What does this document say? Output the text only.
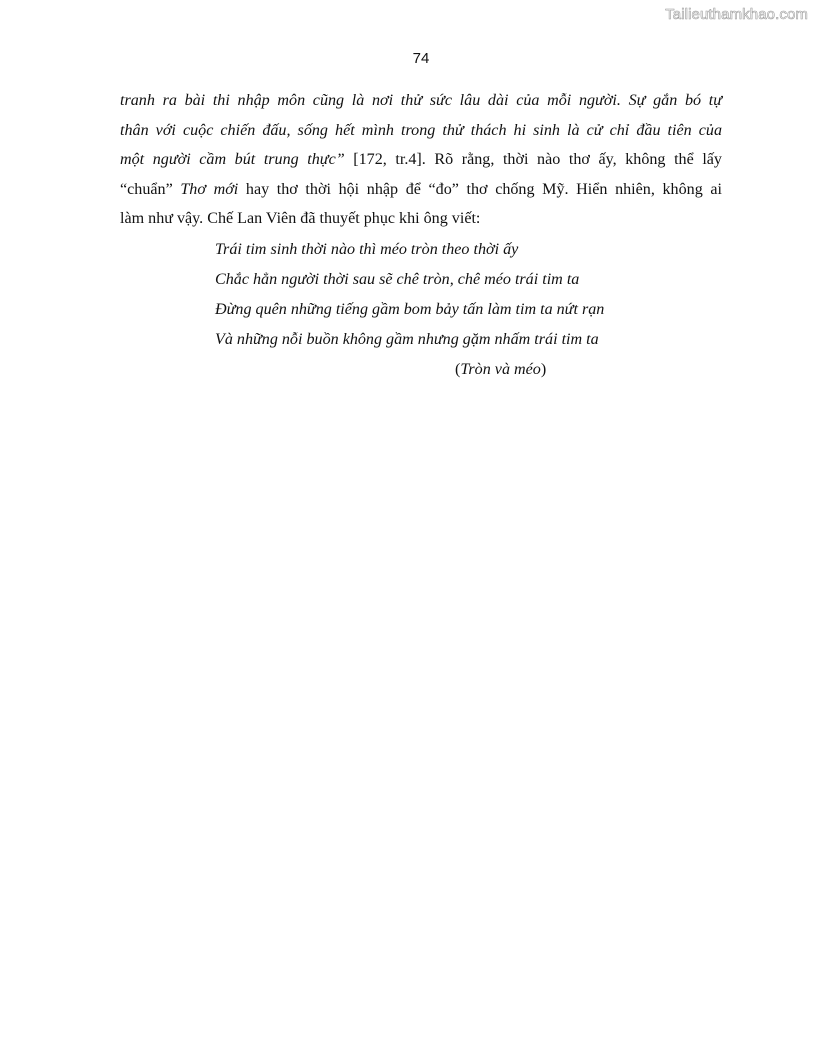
Tailieuthamkhao.com
74
tranh ra bài thi nhập môn cũng là nơi thử sức lâu dài của mỗi người. Sự gắn bó tự
thân với cuộc chiến đấu, sống hết mình trong thử thách hi sinh là cử chỉ đầu tiên của
một người cầm bút trung thực” [172, tr.4]. Rõ rằng, thời nào thơ ấy, không thể lấy
“chuẩn” Thơ mới hay thơ thời hội nhập để “đo” thơ chống Mỹ. Hiển nhiên, không ai
làm như vậy. Chế Lan Viên đã thuyết phục khi ông viết:
Trái tim sinh thời nào thì méo tròn theo thời ấy
Chắc hẳn người thời sau sẽ chê tròn, chê méo trái tim ta
Đừng quên những tiếng gầm bom bảy tấn làm tim ta nứt rạn
Và những nỗi buồn không gầm nhưng gặm nhấm trái tim ta
(Tròn và méo)
